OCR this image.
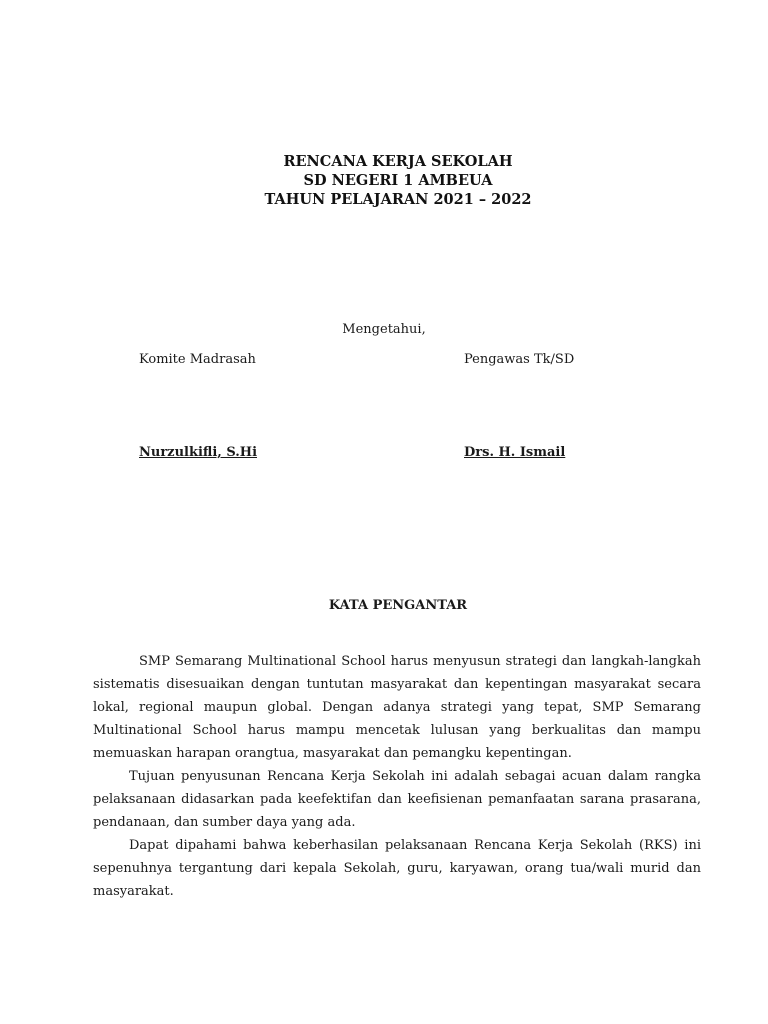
RENCANA KERJA SEKOLAH
SD NEGERI 1 AMBEUA
TAHUN PELAJARAN 2021 – 2022
Mengetahui,
Komite Madrasah	Pengawas Tk/SD
Nurzulkifli, S.Hi	Drs. H. Ismail
KATA PENGANTAR

SMP Semarang Multinational School harus menyusun strategi dan langkah-langkah sistematis disesuaikan dengan tuntutan masyarakat dan kepentingan masyarakat secara lokal, regional maupun global. Dengan adanya strategi yang tepat, SMP Semarang Multinational School harus mampu mencetak lulusan yang berkualitas dan mampu memuaskan harapan orangtua, masyarakat dan pemangku kepentingan.

Tujuan penyusunan Rencana Kerja Sekolah ini adalah sebagai acuan dalam rangka pelaksanaan didasarkan pada keefektifan dan keefisienan pemanfaatan sarana prasarana, pendanaan, dan sumber daya yang ada.

Dapat dipahami bahwa keberhasilan pelaksanaan Rencana Kerja Sekolah (RKS) ini sepenuhnya tergantung dari kepala Sekolah, guru, karyawan, orang tua/wali murid dan masyarakat.
